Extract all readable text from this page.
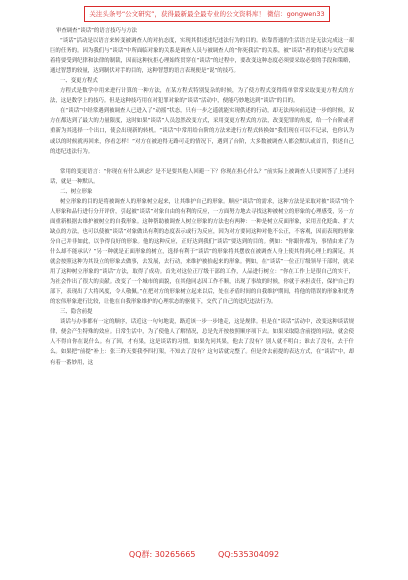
关注头条号“公文研究”，获得最新最全最专业的公文资料库！ 微信：gongwen33

审查调查“谈话”的语言技巧与方法

“谈话”活动是以语言来转变被调查人的对抗态度，实现其供述违纪违法行为的目的。依靠普通的生活语言是无法完成这一艰巨的任务的。因为我们与“谈话”中所面临对象的关系是调查人员与被调查人的“你死我活”的关系，被“谈话”者的供述与交代意味着将要受到纪律和法律的制裁，因而这种抗拒心理始终贯穿在“谈话”的过程中，要改变这种态度必须要采取必要的手段和策略，通过智慧的较量，达到制伏对手的目的，这种智慧的语言表现便是“说”的技巧。

一、变更方程式

方程式是数学中用来进行计算的一种方法，在某方程式特别复杂的时候，为了使方程式变得简单常常采取变更方程式的方法，这是数学上的技巧。但是这种技巧用在对犯罪对象的“谈话”活动中，便能巧妙地达到“谈话”的目的。

在“谈话”中经常遇到被调查人已进入了“动摇”状态，只有一步之遥就能实现供述的行动，却无法再向前迈进一步的时候，双方在都达到了最大的力量限度，这时如果“谈话”人员忽然改变方式，采用变更方程式的方法，改变犯罪的角度，给一个台阶或者重新为其选择一个出口，使会出现新的转机。“谈话”中常用给台阶的方法来进行方程式转换如“我们现在可以不记录，也你认为或以的时候就再回来，你看怎样！”对方在被迫得无路可走的情况下，遇到了台阶，大多数被调查人都会默认或首肯，供述自己的违纪违法行为。

常用的变更语言：“你现在有什么顾虑？是不是要其他人回避一下？你现在担心什么？”前实际上被调查人只要回答了上述问话，就是一种默认。

二、树立形象

树立形象的目的是将被调查人的形象树立起来，让其维护自己的形象。顺应“谈话”的需求，这种方法是采取对被“谈话”的个人形象和品行进行分开评价，引起被“谈话”对象自由的有利的反应，一方面努力地去寻找这种被树立的形象的心理感受，另一方面重新根据去维护被树立的自我形象。这种帮助被调查人树立形象的方法也有两种：一种是树立反面形象，采用丑化贬曲、扩大缺点的方法，也可以使被“谈话”对象做出有利的态度表示或行为反应，因为对方要同这种对他不公正，不客观，因而表现的形象分自己并非如此，以争得良好的形象。他的这种反应，正好达到我们“谈话”要达到的目的。例如：“你跟你都为，事情由来了为什么却不能承认？”另一种就是正面形象的树立，选择有利于“谈话”的形象将其摆放在被调查人身上使其得到心理上的满足，其就会按照这种为其设立的形象去做事，去发展，去行动，来维护被抬起来的形象。例如，在“谈话”一位正厅级领导干部时，就采用了这种树立形象的“谈话”方法，取得了成功。首先对这位正厅级干部的工作，人品进行树立：“你在工作上是很自己的实干，为社会作出了很大的贡献。改变了一个城市的面貌，在其他同志因工作不顺，出现了事故的时候，你就于承担责任，保护自己的部下，表现出了大将风度，令人敬佩。”在把对方的形象树立起来以后，处在矛盾时间的自我维护期间，将他的错误的形象和优秀的宏伟形象进行比较，让他在自我形象维护的心理状态的驱使下，交代了自己的违纪违法行为。

三、隐含前提

谈话与办事都有一定的顺序，话近这一句句地说，路近该一步一步地走，这是规律。但是在“谈话”活动中，改变这种谈话规律，便会产生特殊的效应。日常生活中，为了使他人了解情况，总是先开按按照顺序项下去。如果采取隐含前提的问法，就会使人不得自你在说什么。有了因，才有果，这是谈话的习惯。如果先问其果，他去了没有？别人就不明白；谁去了没有，去于什么。如果把“前提”补上：张三昨天要我李四打架，不知去了没有？这句话就完整了。但是舍去前提的表达方式，在“谈话”中，却有着一番妙用，这

QQ群: 30265665	QQ:535304092
